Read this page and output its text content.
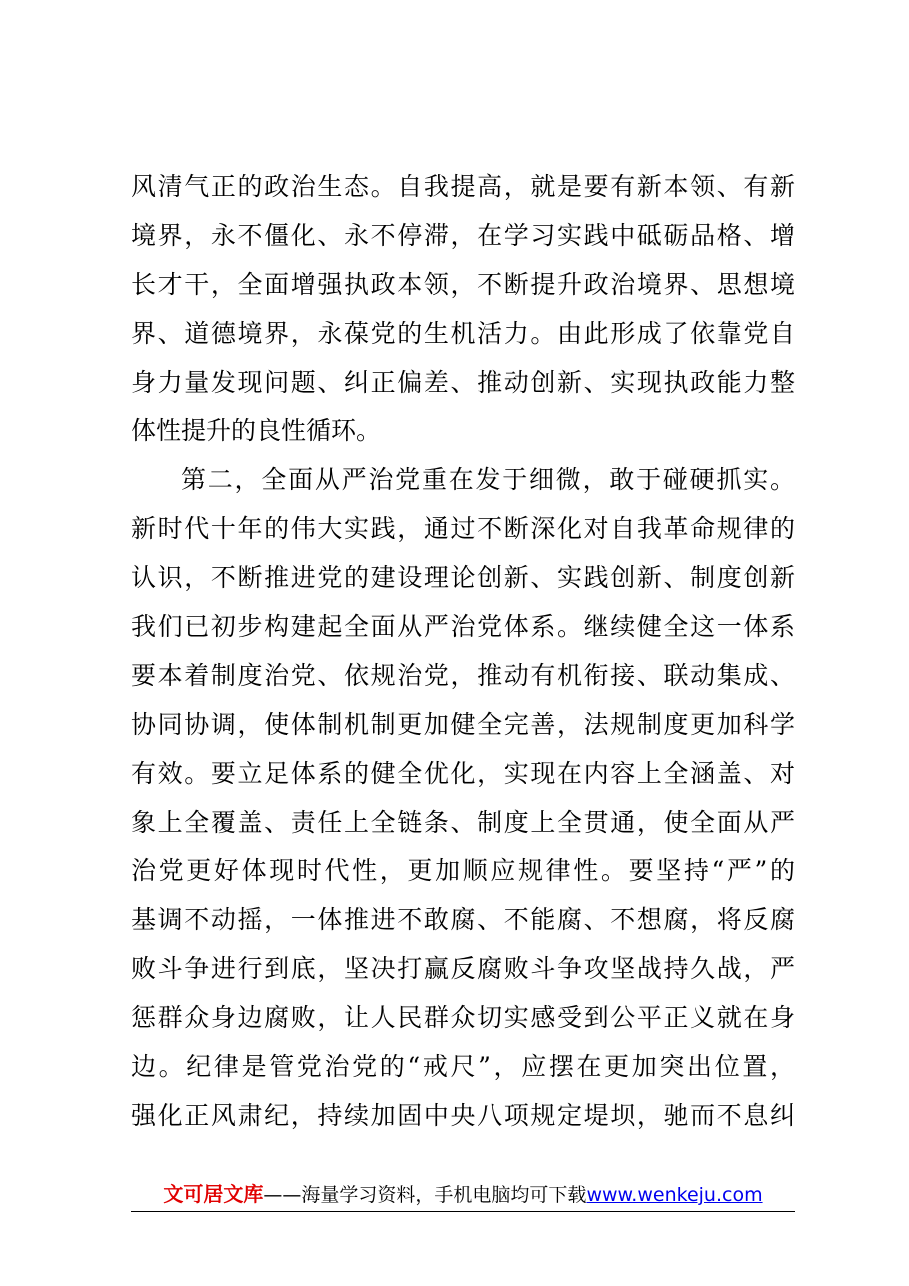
风清气正的政治生态。自我提高，就是要有新本领、有新
境界，永不僵化、永不停滞，在学习实践中砥砺品格、增
长才干，全面增强执政本领，不断提升政治境界、思想境
界、道德境界，永葆党的生机活力。由此形成了依靠党自
身力量发现问题、纠正偏差、推动创新、实现执政能力整
体性提升的良性循环。
第二，全面从严治党重在发于细微，敢于碰硬抓实。
新时代十年的伟大实践，通过不断深化对自我革命规律的
认识，不断推进党的建设理论创新、实践创新、制度创新
我们已初步构建起全面从严治党体系。继续健全这一体系
要本着制度治党、依规治党，推动有机衔接、联动集成、
协同协调，使体制机制更加健全完善，法规制度更加科学
有效。要立足体系的健全优化，实现在内容上全涵盖、对
象上全覆盖、责任上全链条、制度上全贯通，使全面从严
治党更好体现时代性，更加顺应规律性。要坚持“严”的
基调不动摇，一体推进不敢腐、不能腐、不想腐，将反腐
败斗争进行到底，坚决打赢反腐败斗争攻坚战持久战，严
惩群众身边腐败，让人民群众切实感受到公平正义就在身
边。纪律是管党治党的“戒尺”，应摆在更加突出位置，
强化正风肃纪，持续加固中央八项规定堤坝，驰而不息纠
文可居文库——海量学习资料，手机电脑均可下载www.wenkeju.com
